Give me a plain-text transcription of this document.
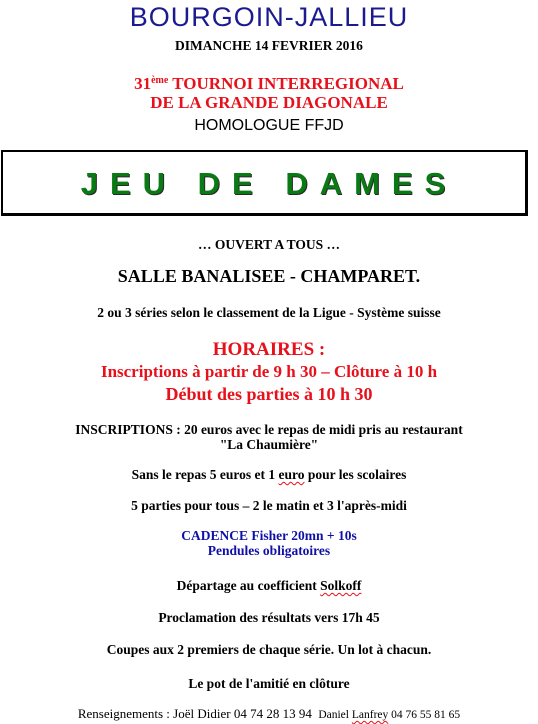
BOURGOIN-JALLIEU
DIMANCHE 14 FEVRIER 2016
31ème TOURNOI INTERREGIONAL
DE LA GRANDE DIAGONALE
HOMOLOGUE FFJD
JEU DE DAMES
… OUVERT A TOUS …
SALLE BANALISEE - CHAMPARET.
2 ou 3 séries selon le classement de la Ligue - Système suisse
HORAIRES :
Inscriptions à partir de 9 h 30 – Clôture à 10 h
Début des parties à 10 h 30
INSCRIPTIONS : 20 euros avec le repas de midi pris au restaurant
"La Chaumière"
Sans le repas 5 euros et 1 euro pour les scolaires
5 parties pour tous – 2 le matin et 3 l'après-midi
CADENCE Fisher 20mn + 10s
Pendules obligatoires
Départage au coefficient Solkoff
Proclamation des résultats vers 17h 45
Coupes aux 2 premiers de chaque série. Un lot à chacun.
Le pot de l'amitié en clôture
Renseignements : Joël Didier 04 74 28 13 94 Daniel Lanfrey 04 76 55 81 65
